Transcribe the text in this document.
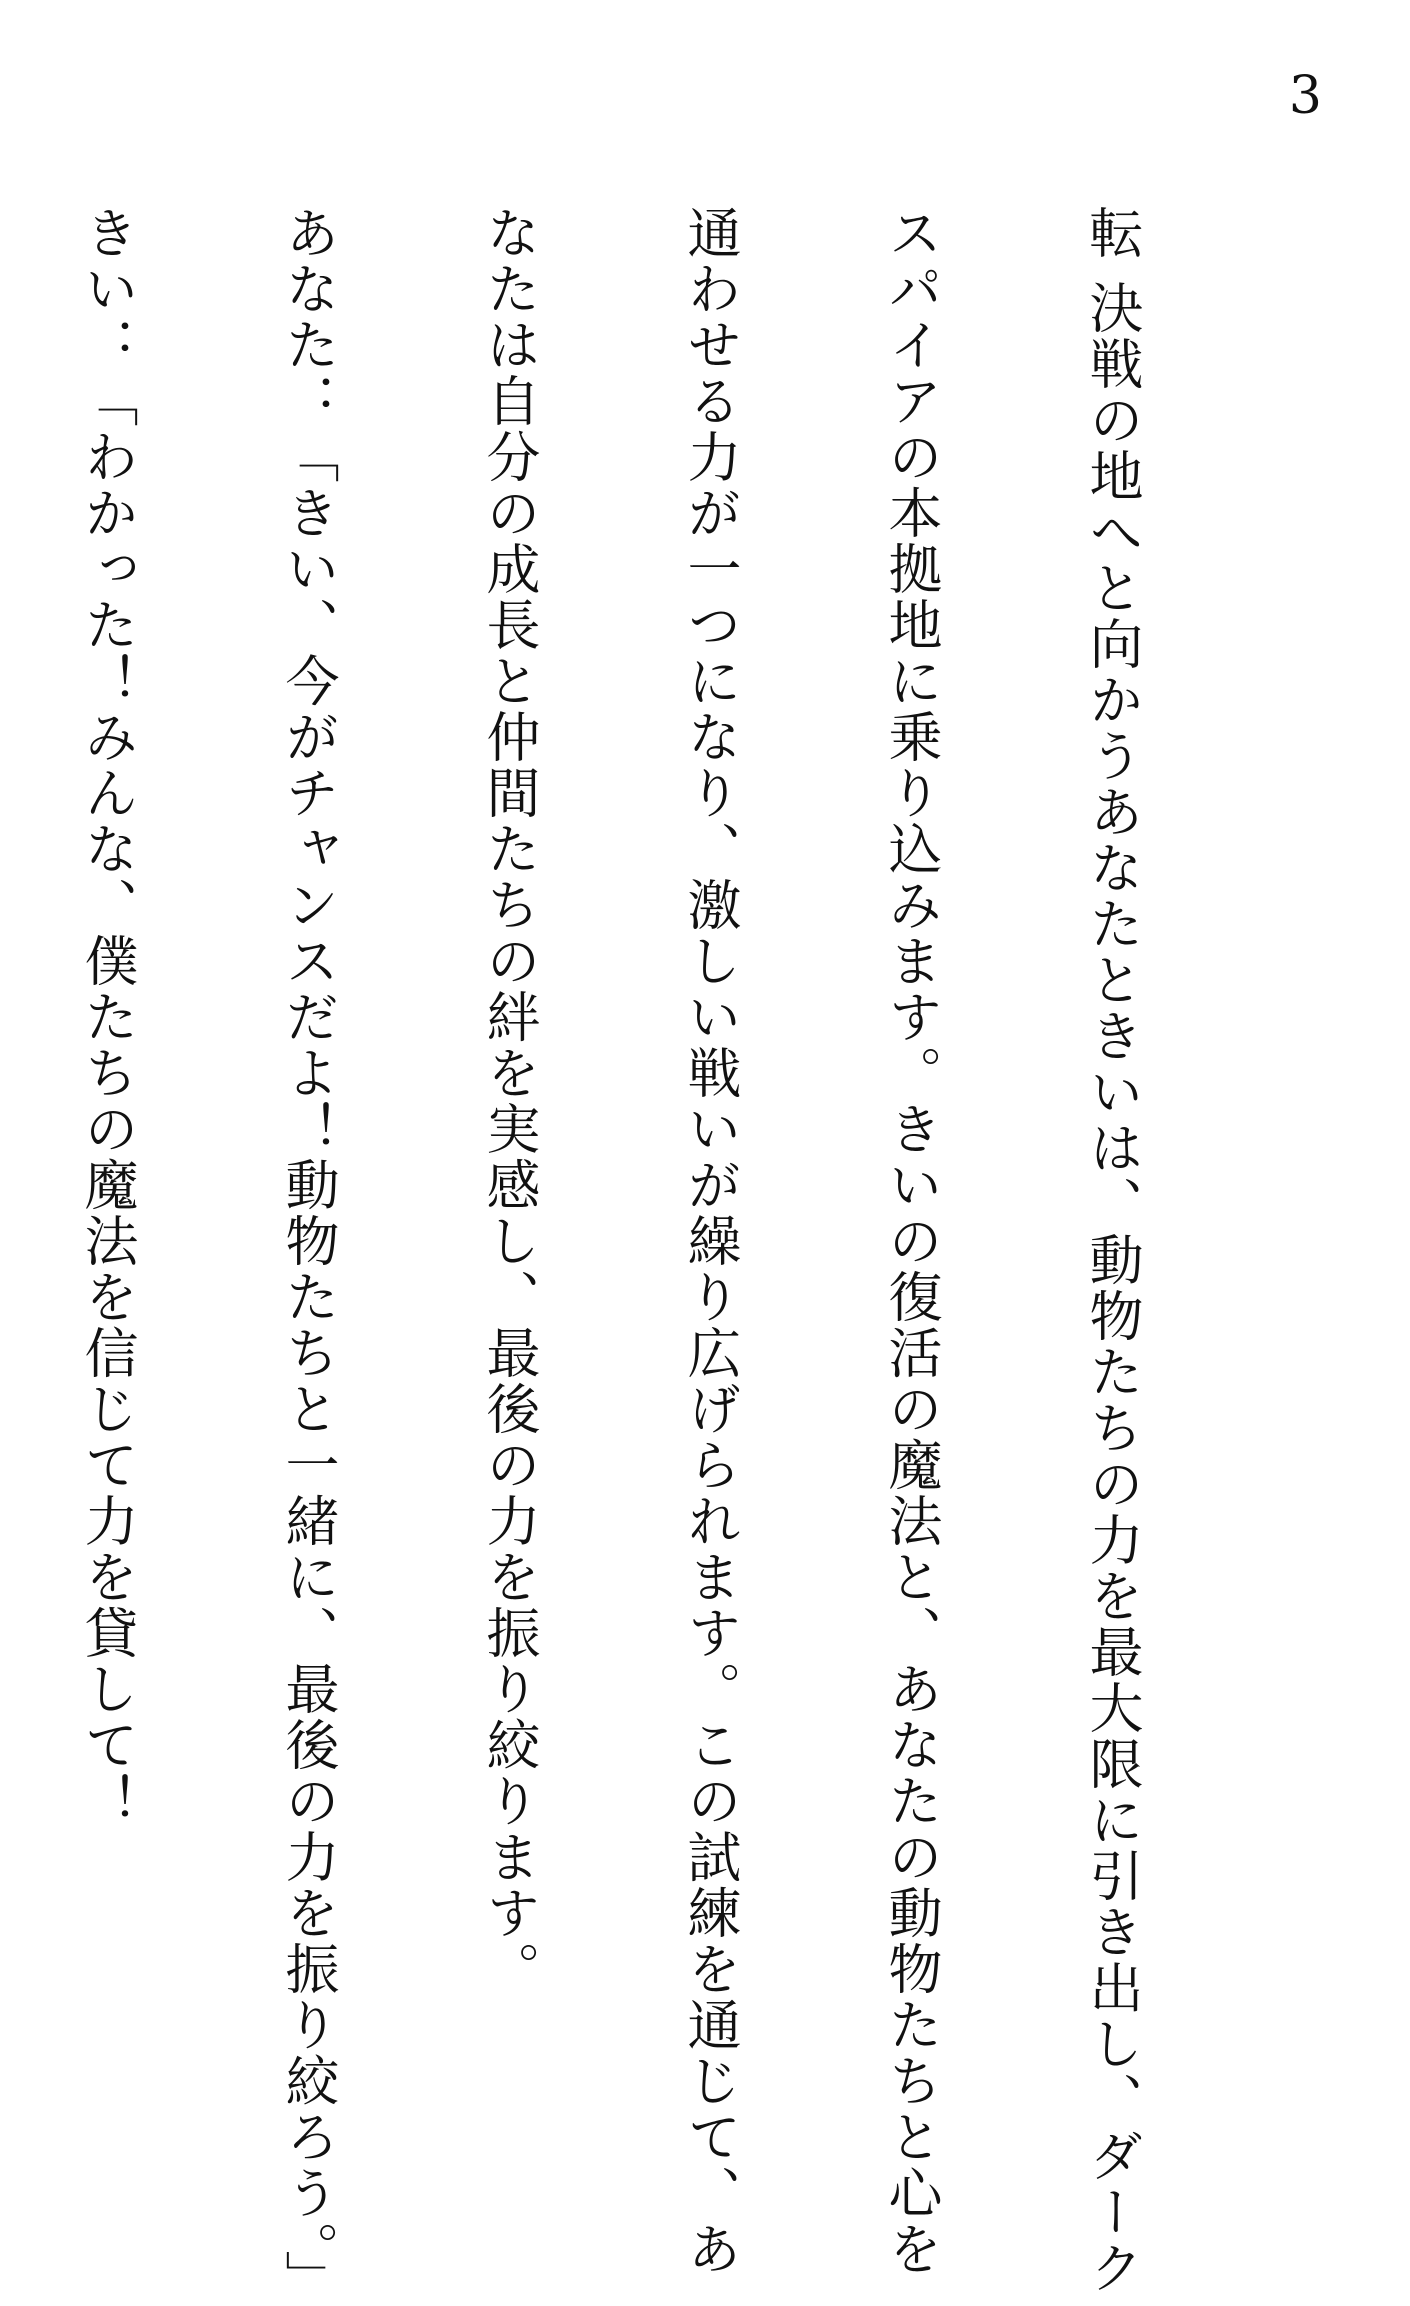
3

転 決戦の地へと向かうあなたときいは、動物たちの力を最大限に引き出し、ダーク

スパイアの本拠地に乗り込みます。きいの復活の魔法と、あなたの動物たちと心を

通わせる力が一つになり、激しい戦いが繰り広げられます。この試練を通じて、あ

なたは自分の成長と仲間たちの絆を実感し、最後の力を振り絞ります。

あなた：「きい、今がチャンスだよ！動物たちと一緒に、最後の力を振り絞ろう。」

きい：「わかった！みんな、僕たちの魔法を信じて力を貸して！
